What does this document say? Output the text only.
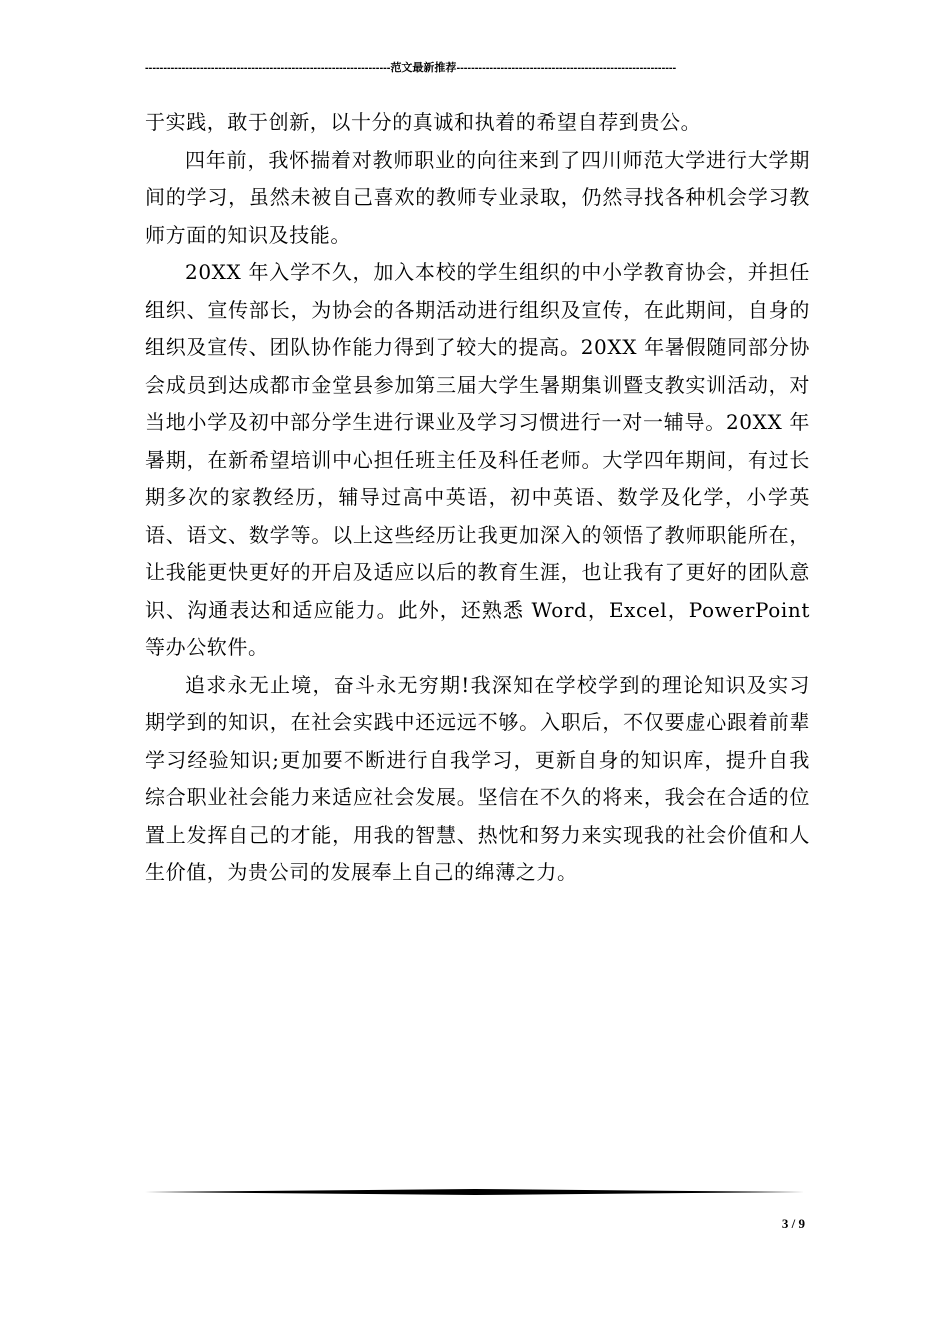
-------------------------------------------------------------------范文最新推荐------------------------------------------------------------

于实践，敢于创新，以十分的真诚和执着的希望自荐到贵公。

四年前，我怀揣着对教师职业的向往来到了四川师范大学进行大学期间的学习，虽然未被自己喜欢的教师专业录取，仍然寻找各种机会学习教师方面的知识及技能。

20XX 年入学不久，加入本校的学生组织的中小学教育协会，并担任组织、宣传部长，为协会的各期活动进行组织及宣传，在此期间，自身的组织及宣传、团队协作能力得到了较大的提高。20XX 年暑假随同部分协会成员到达成都市金堂县参加第三届大学生暑期集训暨支教实训活动，对当地小学及初中部分学生进行课业及学习习惯进行一对一辅导。20XX 年暑期，在新希望培训中心担任班主任及科任老师。大学四年期间，有过长期多次的家教经历，辅导过高中英语，初中英语、数学及化学，小学英语、语文、数学等。以上这些经历让我更加深入的领悟了教师职能所在，让我能更快更好的开启及适应以后的教育生涯，也让我有了更好的团队意识、沟通表达和适应能力。此外，还熟悉 Word，Excel，PowerPoint 等办公软件。

追求永无止境，奋斗永无穷期!我深知在学校学到的理论知识及实习期学到的知识，在社会实践中还远远不够。入职后，不仅要虚心跟着前辈学习经验知识;更加要不断进行自我学习，更新自身的知识库，提升自我综合职业社会能力来适应社会发展。坚信在不久的将来，我会在合适的位置上发挥自己的才能，用我的智慧、热忱和努力来实现我的社会价值和人生价值，为贵公司的发展奉上自己的绵薄之力。

3 / 9
